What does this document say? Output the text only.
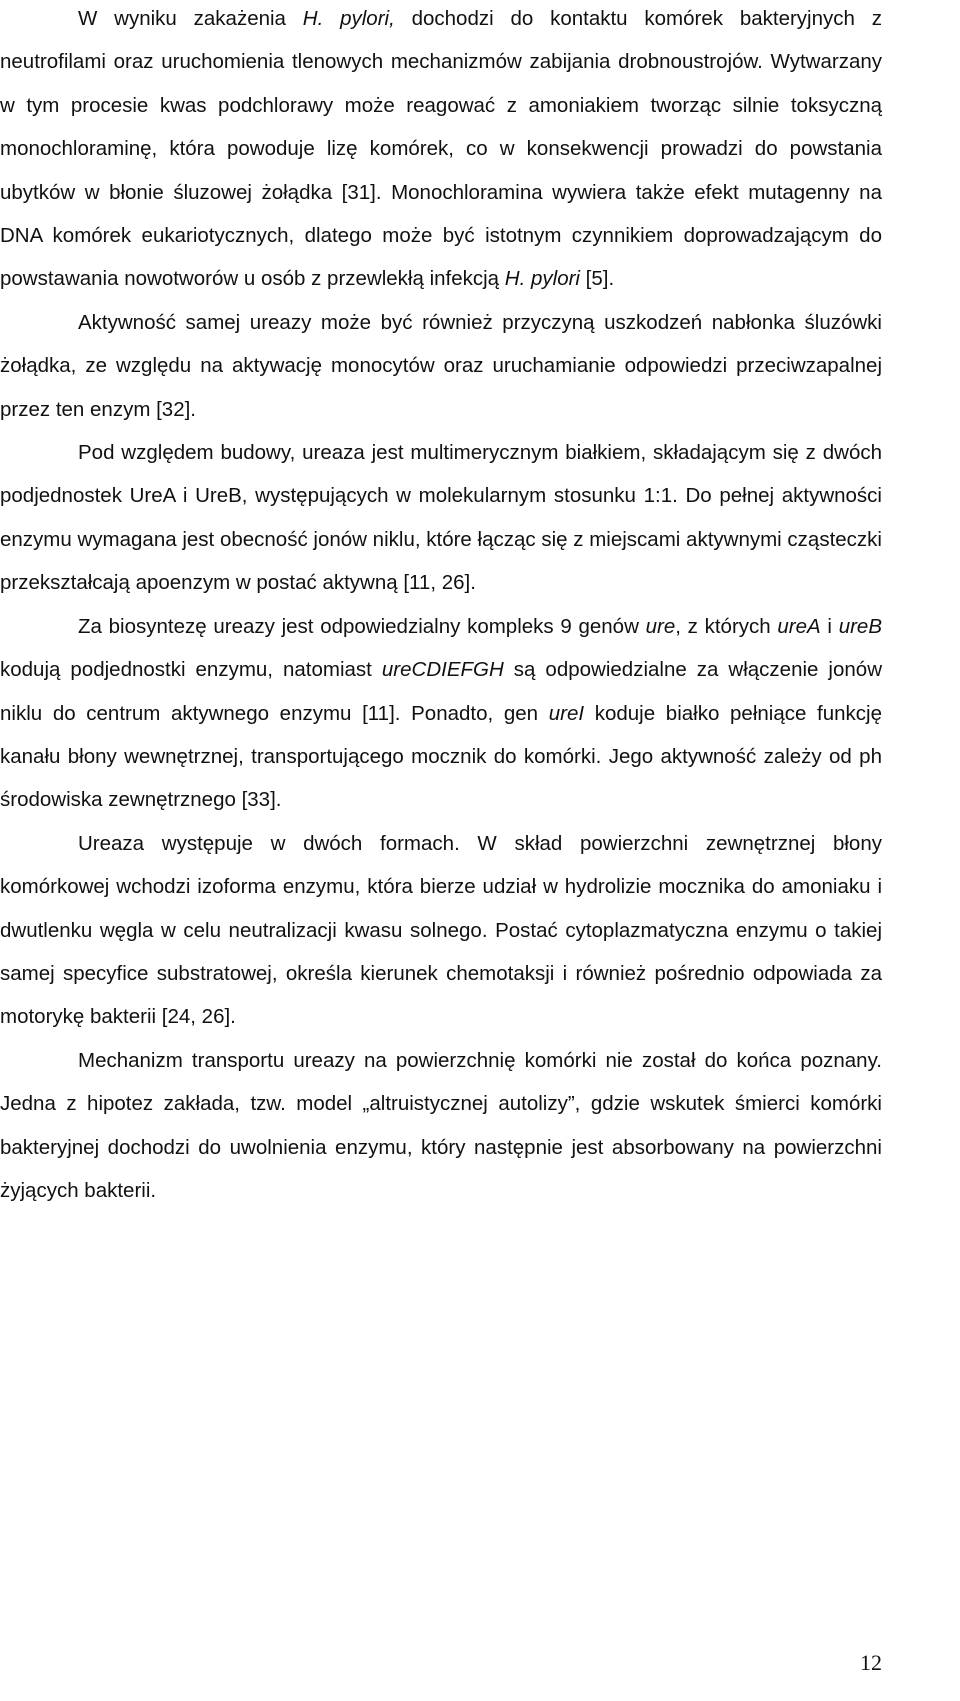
W wyniku zakażenia H. pylori, dochodzi do kontaktu komórek bakteryjnych z neutrofilami oraz uruchomienia tlenowych mechanizmów zabijania drobnoustrojów. Wytwarzany w tym procesie kwas podchlorawy może reagować z amoniakiem tworząc silnie toksyczną monochloraminę, która powoduje lizę komórek, co w konsekwencji prowadzi do powstania ubytków w błonie śluzowej żołądka [31]. Monochloramina wywiera także efekt mutagenny na DNA komórek eukariotycznych, dlatego może być istotnym czynnikiem doprowadzającym do powstawania nowotworów u osób z przewlekłą infekcją H. pylori [5].

Aktywność samej ureazy może być również przyczyną uszkodzeń nabłonka śluzówki żołądka, ze względu na aktywację monocytów oraz uruchamianie odpowiedzi przeciwzapalnej przez ten enzym [32].

Pod względem budowy, ureaza jest multimerycznym białkiem, składającym się z dwóch podjednostek UreA i UreB, występujących w molekularnym stosunku 1:1. Do pełnej aktywności enzymu wymagana jest obecność jonów niklu, które łącząc się z miejscami aktywnymi cząsteczki przekształcają apoenzym w postać aktywną [11, 26].

Za biosyntezę ureazy jest odpowiedzialny kompleks 9 genów ure, z których ureA i ureB kodują podjednostki enzymu, natomiast ureCDIEFGH są odpowiedzialne za włączenie jonów niklu do centrum aktywnego enzymu [11]. Ponadto, gen ureI koduje białko pełniące funkcję kanału błony wewnętrznej, transportującego mocznik do komórki. Jego aktywność zależy od ph środowiska zewnętrznego [33].

Ureaza występuje w dwóch formach. W skład powierzchni zewnętrznej błony komórkowej wchodzi izoforma enzymu, która bierze udział w hydrolizie mocznika do amoniaku i dwutlenku węgla w celu neutralizacji kwasu solnego. Postać cytoplazmatyczna enzymu o takiej samej specyfice substratowej, określa kierunek chemotaksji i również pośrednio odpowiada za motorykę bakterii [24, 26].

Mechanizm transportu ureazy na powierzchnię komórki nie został do końca poznany. Jedna z hipotez zakłada, tzw. model „altruistycznej autolizy”, gdzie wskutek śmierci komórki bakteryjnej dochodzi do uwolnienia enzymu, który następnie jest absorbowany na powierzchni żyjących bakterii.

12
